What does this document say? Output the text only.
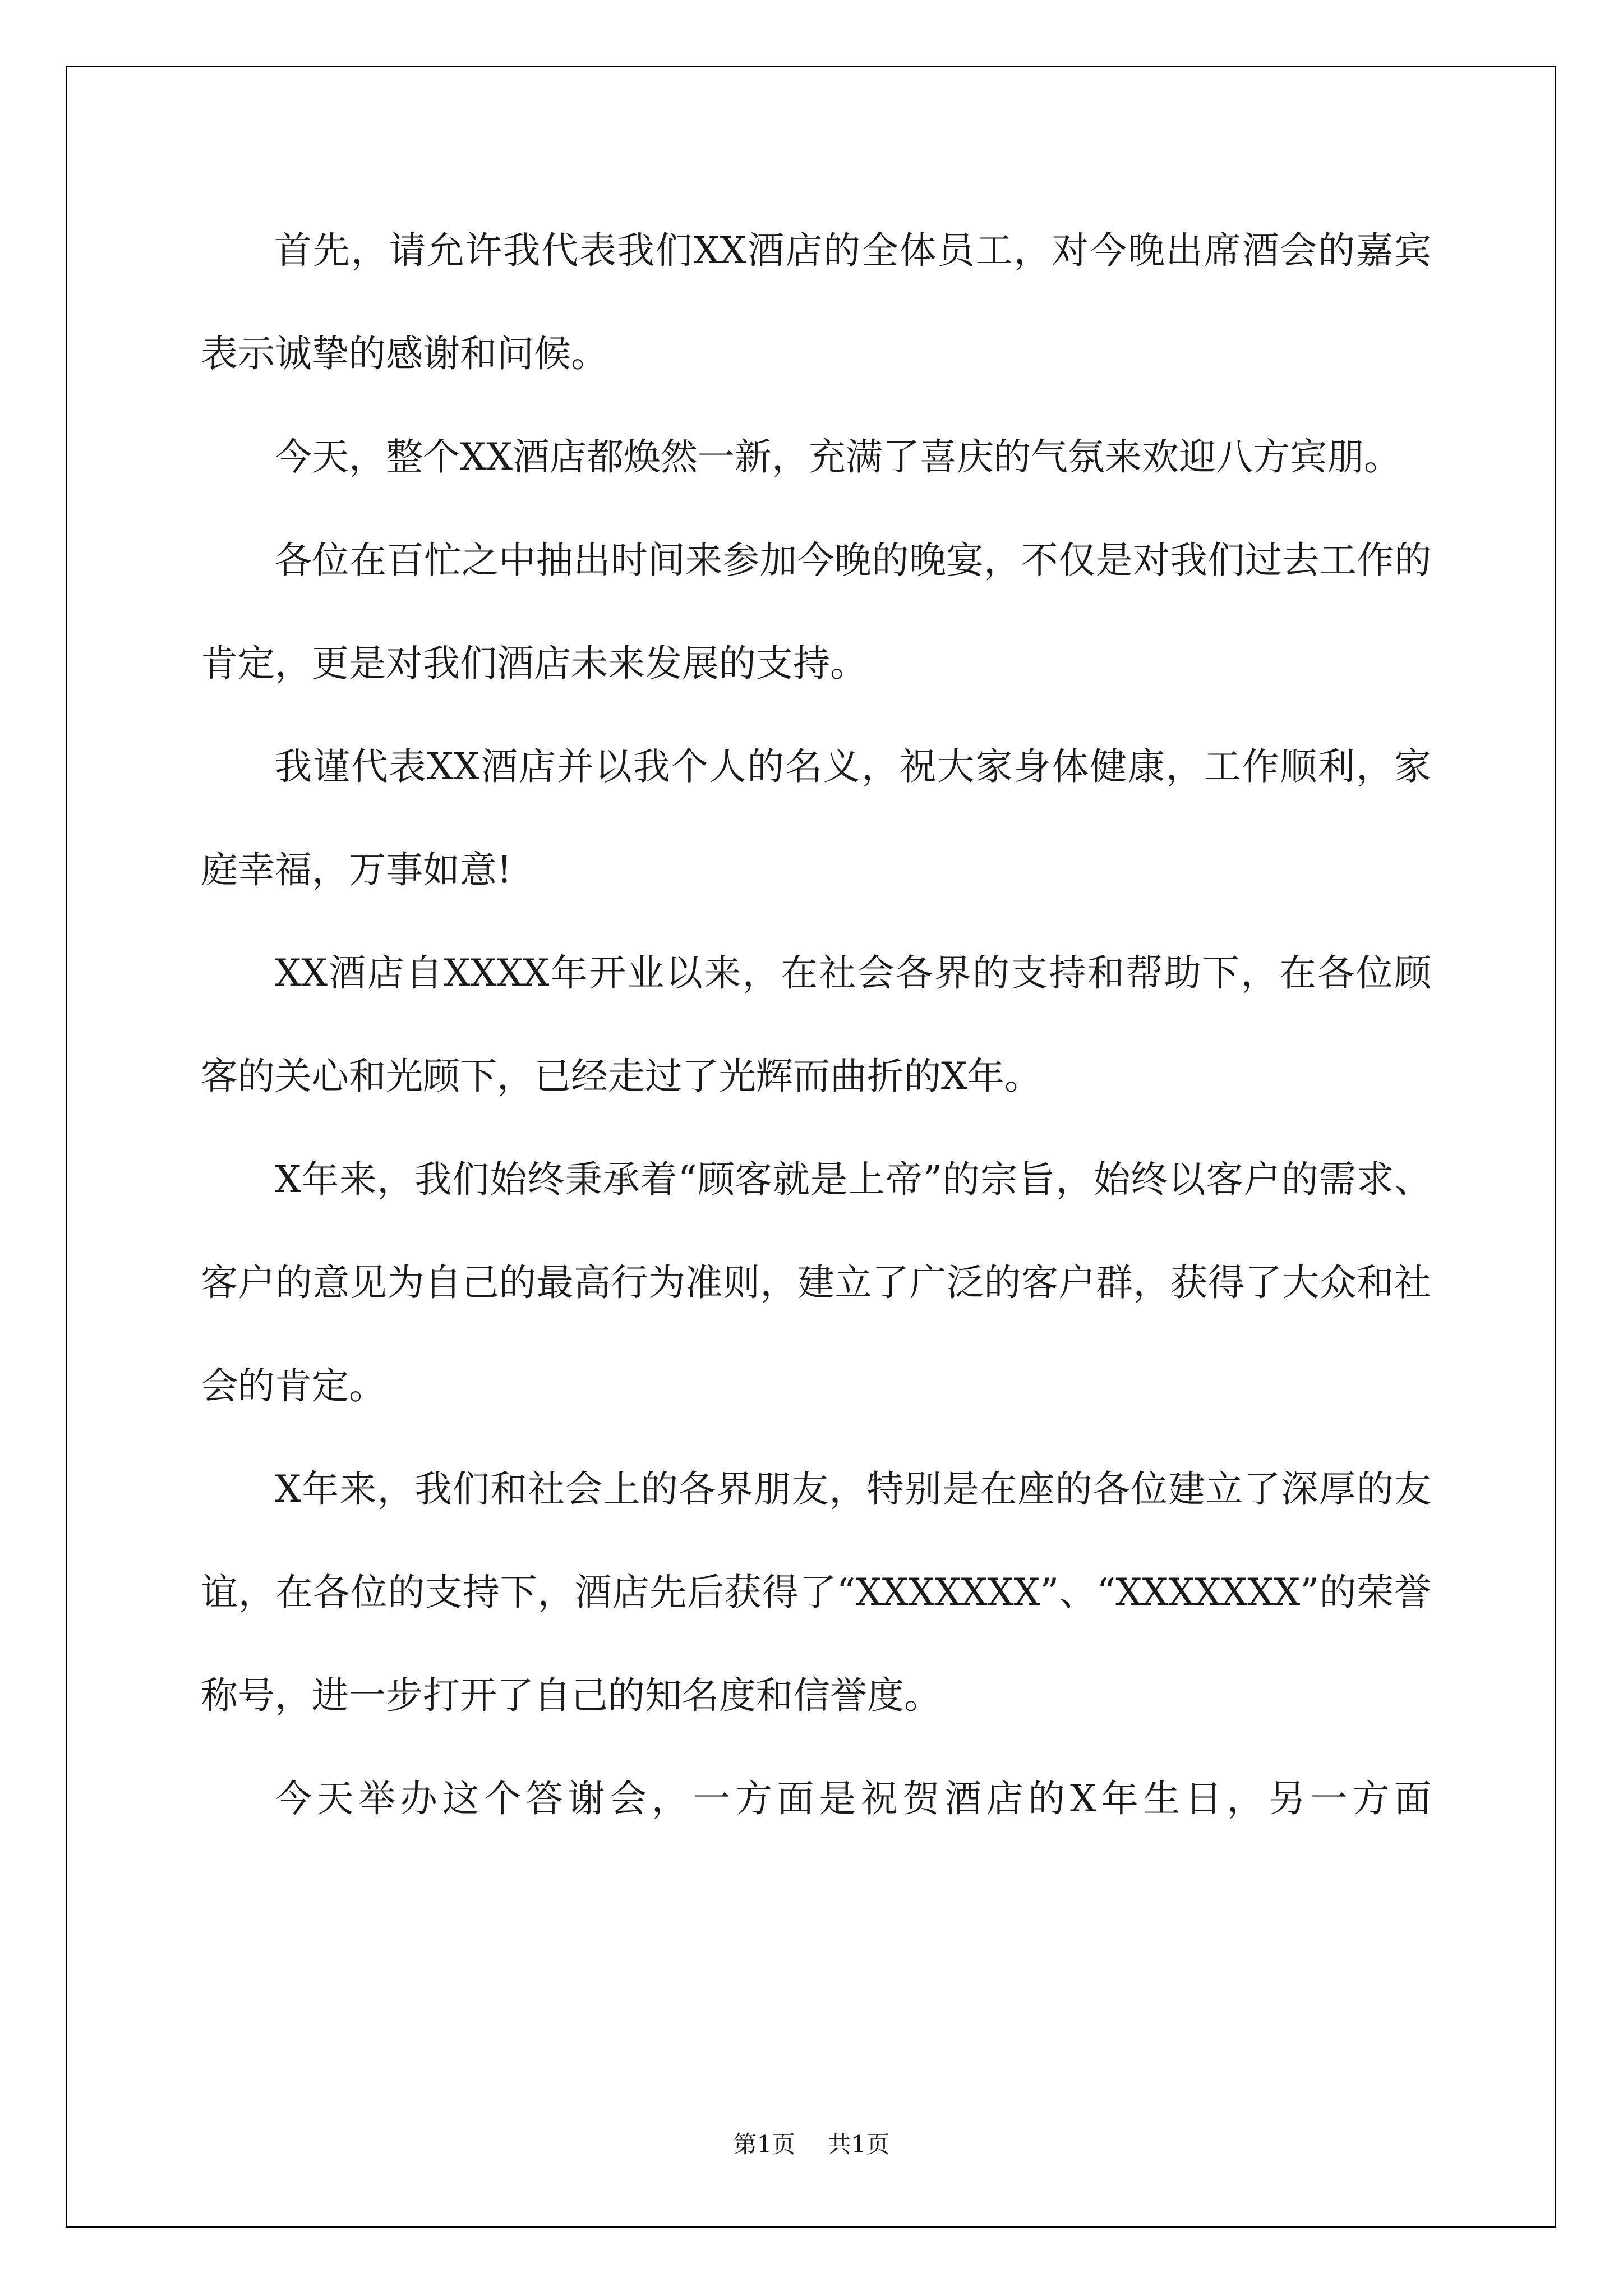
首先，请允许我代表我们XX酒店的全体员工，对今晚出席酒会的嘉宾表示诚挚的感谢和问候。

今天，整个XX酒店都焕然一新，充满了喜庆的气氛来欢迎八方宾朋。

各位在百忙之中抽出时间来参加今晚的晚宴，不仅是对我们过去工作的肯定，更是对我们酒店未来发展的支持。

我谨代表XX酒店并以我个人的名义，祝大家身体健康，工作顺利，家庭幸福，万事如意!

XX酒店自XXXX年开业以来，在社会各界的支持和帮助下，在各位顾客的关心和光顾下，已经走过了光辉而曲折的X年。

X年来，我们始终秉承着“顾客就是上帝”的宗旨，始终以客户的需求、客户的意见为自己的最高行为准则，建立了广泛的客户群，获得了大众和社会的肯定。

X年来，我们和社会上的各界朋友，特别是在座的各位建立了深厚的友谊，在各位的支持下，酒店先后获得了“XXXXXXX”、“XXXXXXX”的荣誉称号，进一步打开了自己的知名度和信誉度。

今天举办这个答谢会，一方面是祝贺酒店的X年生日，另一方面

第1页 共1页
